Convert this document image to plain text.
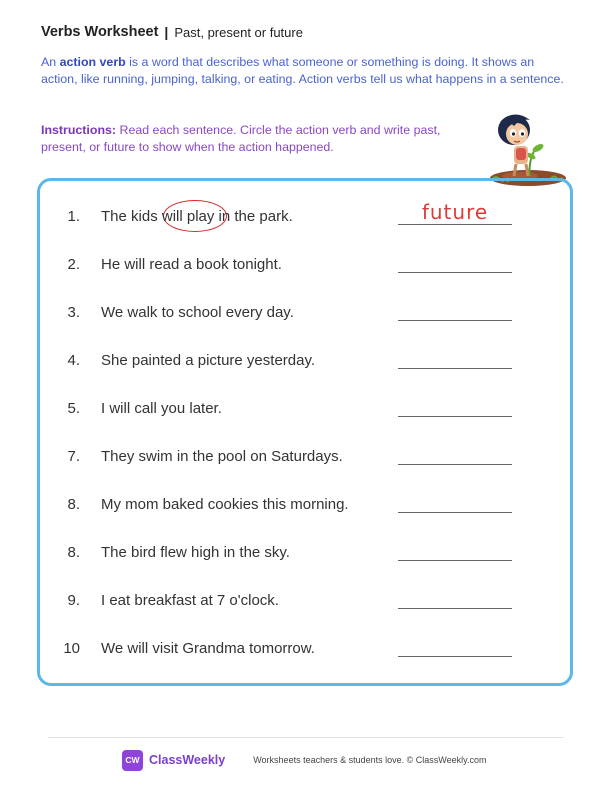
Verbs Worksheet | Past, present or future
An action verb is a word that describes what someone or something is doing. It shows an action, like running, jumping, talking, or eating. Action verbs tell us what happens in a sentence.
Instructions: Read each sentence. Circle the action verb and write past, present, or future to show when the action happened.
1. The kids will play in the park.	future
2. He will read a book tonight.
3. We walk to school every day.
4. She painted a picture yesterday.
5. I will call you later.
7. They swim in the pool on Saturdays.
8. My mom baked cookies this morning.
8. The bird flew high in the sky.
9. I eat breakfast at 7 o'clock.
10 We will visit Grandma tomorrow.
CW ClassWeekly	Worksheets teachers & students love. © ClassWeekly.com
